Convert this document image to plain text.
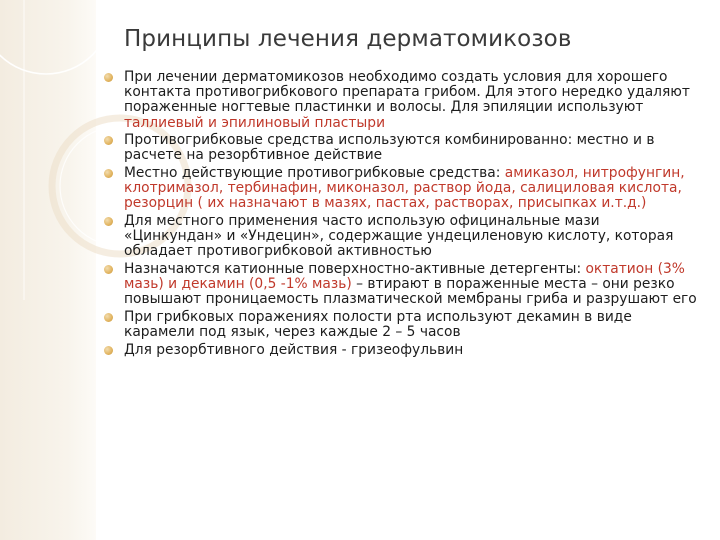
Принципы лечения дерматомикозов
При лечении дерматомикозов необходимо создать условия для хорошего контакта противогрибкового препарата грибом. Для этого нередко удаляют пораженные ногтевые пластинки и волосы. Для эпиляции используют таллиевый и эпилиновый пластыри
Противогрибковые средства используются комбинированно: местно и в расчете на резорбтивное действие
Местно действующие противогрибковые средства: амиказол, нитрофунгин, клотримазол, тербинафин, миконазол, раствор йода, салициловая кислота, резорцин ( их назначают в мазях, пастах, растворах, присыпках и.т.д.)
Для местного применения часто использую официнальные мази «Цинкундан» и «Ундецин», содержащие ундециленовую кислоту, которая обладает противогрибковой активностью
Назначаются катионные поверхностно-активные детергенты: октатион (3% мазь) и декамин (0,5 -1% мазь) – втирают в пораженные места – они резко повышают проницаемость плазматической мембраны гриба и разрушают его
При грибковых поражениях полости рта используют декамин в виде карамели под язык, через каждые 2 – 5 часов
Для резорбтивного действия - гризеофульвин
